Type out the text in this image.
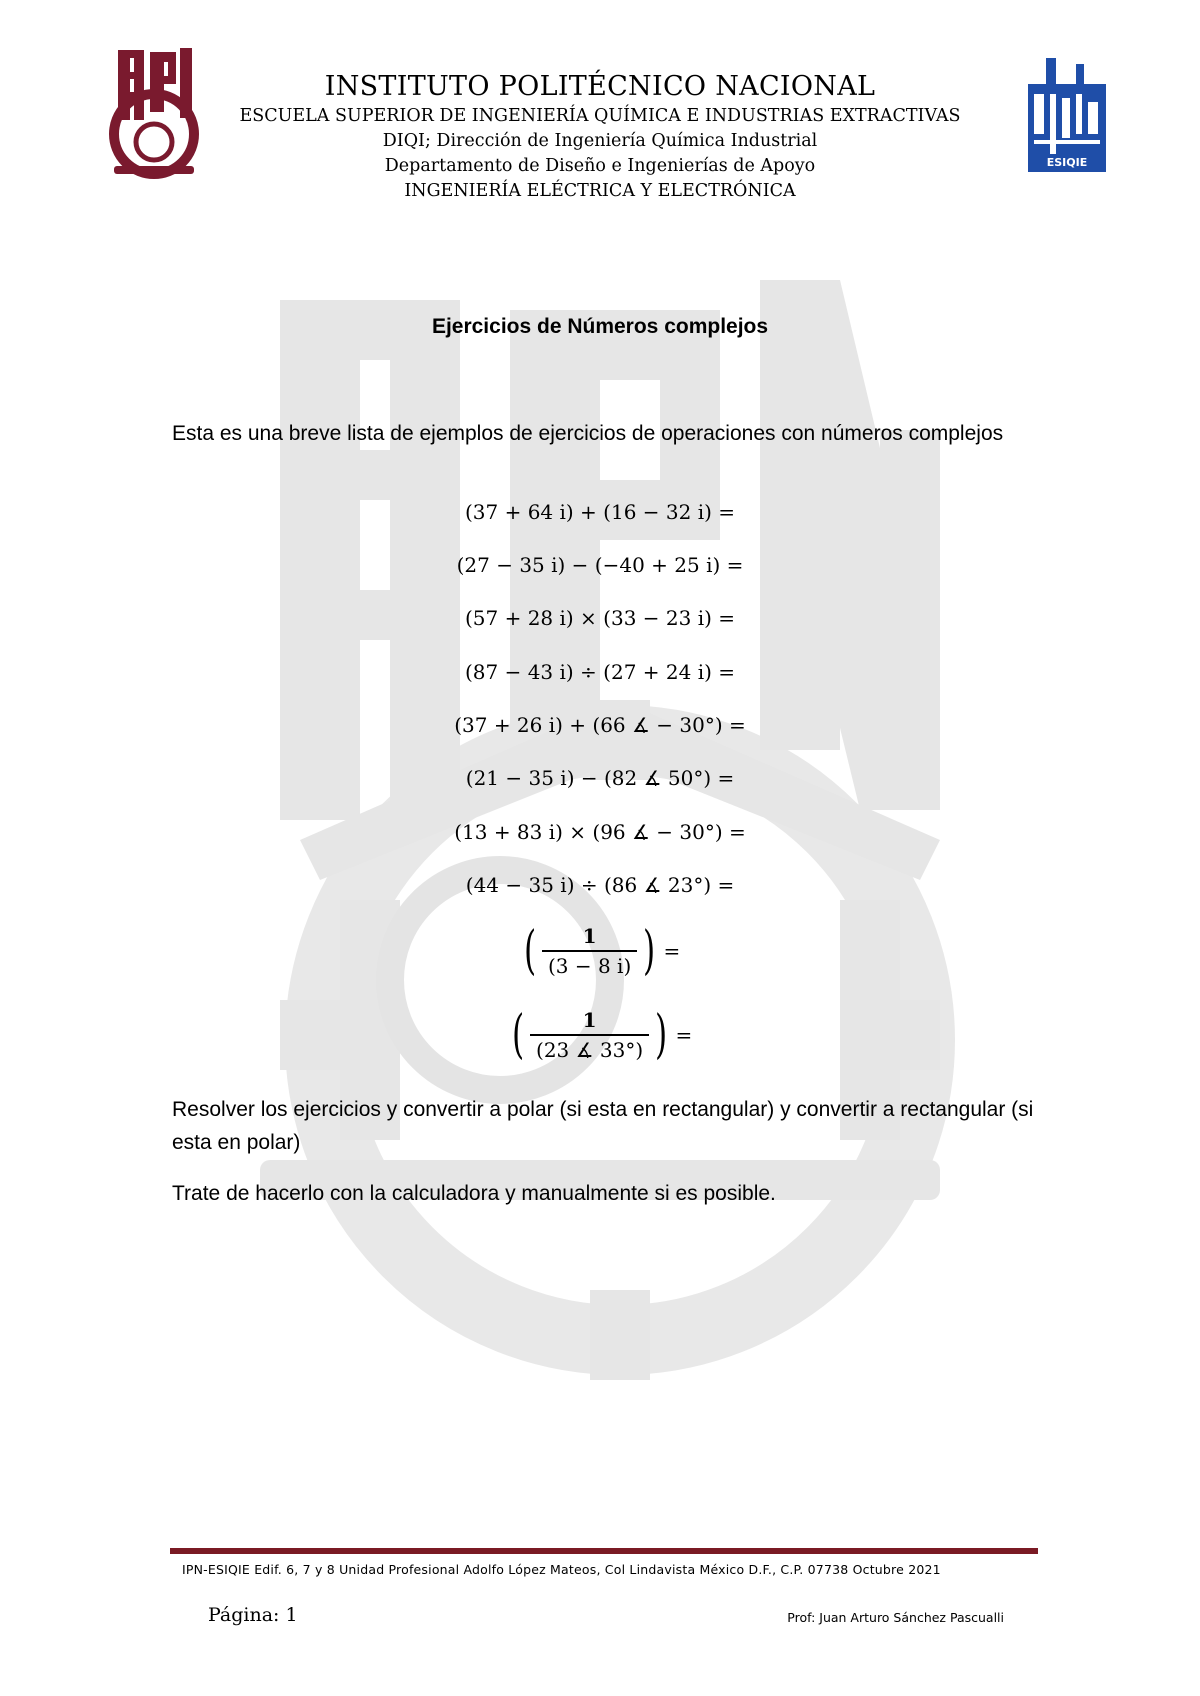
ESIQIE
INSTITUTO POLITÉCNICO NACIONAL
ESCUELA SUPERIOR DE INGENIERÍA QUÍMICA E INDUSTRIAS EXTRACTIVAS
DIQI; Dirección de Ingeniería Química Industrial
Departamento de Diseño e Ingenierías de Apoyo
INGENIERÍA ELÉCTRICA Y ELECTRÓNICA
Ejercicios de Números complejos
Esta es una breve lista de ejemplos de ejercicios de operaciones con números complejos
(37 + 64 i) + (16 − 32 i) =
(27 − 35 i) − (−40 + 25 i) =
(57 + 28 i) × (33 − 23 i) =
(87 − 43 i) ÷ (27 + 24 i) =
(37 + 26 i) + (66 ∡ − 30°) =
(21 − 35 i) − (82 ∡ 50°) =
(13 + 83 i) × (96 ∡ − 30°) =
(44 − 35 i) ÷ (86 ∡ 23°) =
( $\frac{1}{(3 - 8 i)}$ ) =
( $\frac{1}{(23 ∡ 33^\circ)}$ ) =
Resolver los ejercicios y convertir a polar (si esta en rectangular) y convertir a rectangular (si esta en polar)
Trate de hacerlo con la calculadora y manualmente si es posible.
IPN-ESIQIE Edif. 6, 7 y 8 Unidad Profesional Adolfo López Mateos, Col Lindavista México D.F., C.P. 07738 Octubre 2021
Página: 1	Prof: Juan Arturo Sánchez Pascualli
